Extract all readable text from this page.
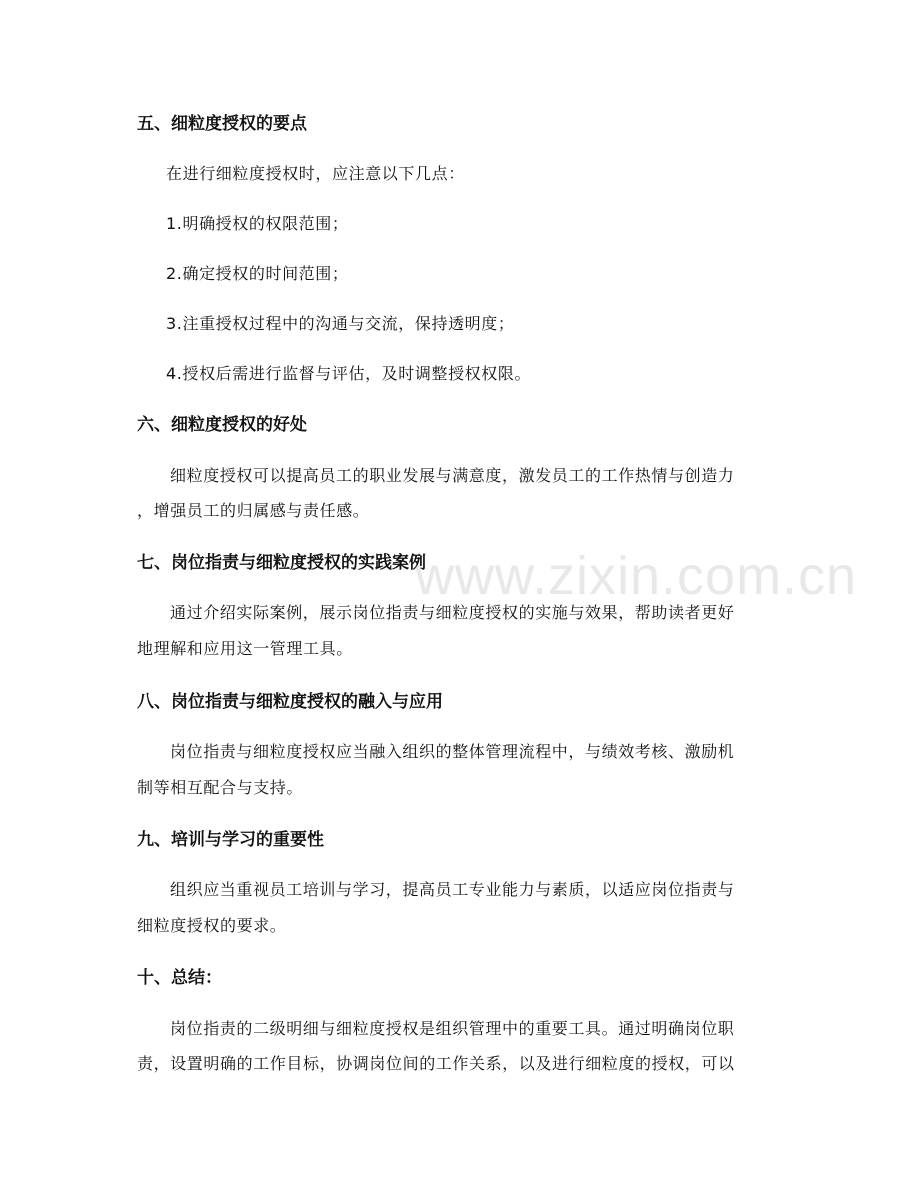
五、细粒度授权的要点
在进行细粒度授权时，应注意以下几点：
1.明确授权的权限范围；
2.确定授权的时间范围；
3.注重授权过程中的沟通与交流，保持透明度；
4.授权后需进行监督与评估，及时调整授权权限。
六、细粒度授权的好处
细粒度授权可以提高员工的职业发展与满意度，激发员工的工作热情与创造力
，增强员工的归属感与责任感。
七、岗位指责与细粒度授权的实践案例
通过介绍实际案例，展示岗位指责与细粒度授权的实施与效果，帮助读者更好
地理解和应用这一管理工具。
八、岗位指责与细粒度授权的融入与应用
岗位指责与细粒度授权应当融入组织的整体管理流程中，与绩效考核、激励机
制等相互配合与支持。
九、培训与学习的重要性
组织应当重视员工培训与学习，提高员工专业能力与素质，以适应岗位指责与
细粒度授权的要求。
十、总结：
岗位指责的二级明细与细粒度授权是组织管理中的重要工具。通过明确岗位职
责，设置明确的工作目标，协调岗位间的工作关系，以及进行细粒度的授权，可以
www.zixin.com.cn
